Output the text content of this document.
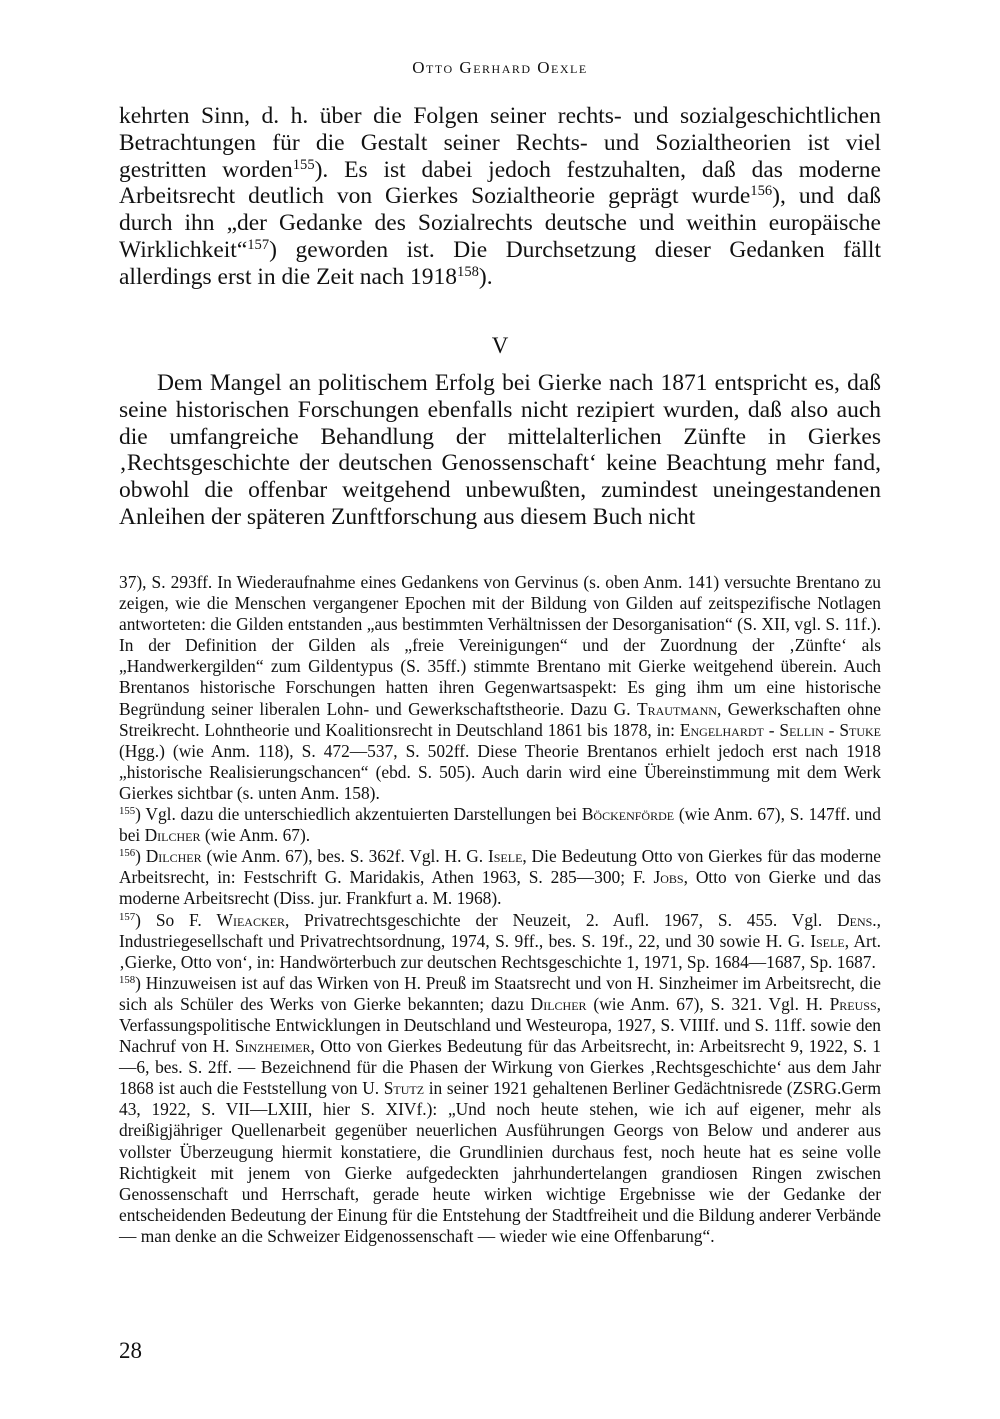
Otto Gerhard Oexle
kehrten Sinn, d. h. über die Folgen seiner rechts- und sozialgeschichtlichen Betrachtungen für die Gestalt seiner Rechts- und Sozialtheorien ist viel gestritten worden$^{155}$). Es ist dabei jedoch festzuhalten, daß das moderne Arbeitsrecht deutlich von Gierkes Sozialtheorie geprägt wurde$^{156}$), und daß durch ihn „der Gedanke des Sozialrechts deutsche und weithin europäische Wirklichkeit“$^{157}$) geworden ist. Die Durchsetzung dieser Gedanken fällt allerdings erst in die Zeit nach 1918$^{158}$).
V
Dem Mangel an politischem Erfolg bei Gierke nach 1871 entspricht es, daß seine historischen Forschungen ebenfalls nicht rezipiert wurden, daß also auch die umfangreiche Behandlung der mittelalterlichen Zünfte in Gierkes ‚Rechtsgeschichte der deutschen Genossenschaft‘ keine Beachtung mehr fand, obwohl die offenbar weitgehend unbewußten, zumindest uneingestandenen Anleihen der späteren Zunftforschung aus diesem Buch nicht

37), S. 293ff. In Wiederaufnahme eines Gedankens von Gervinus (s. oben Anm. 141) versuchte Brentano zu zeigen, wie die Menschen vergangener Epochen mit der Bildung von Gilden auf zeitspezifische Notlagen antworteten: die Gilden entstanden „aus bestimmten Verhältnissen der Desorganisation“ (S. XII, vgl. S. 11f.). In der Definition der Gilden als „freie Vereinigungen“ und der Zuordnung der ‚Zünfte‘ als „Handwerkergilden“ zum Gildentypus (S. 35ff.) stimmte Brentano mit Gierke weitgehend überein. Auch Brentanos historische Forschungen hatten ihren Gegenwartsaspekt: Es ging ihm um eine historische Begründung seiner liberalen Lohn- und Gewerkschaftstheorie. Dazu G. Trautmann, Gewerkschaften ohne Streikrecht. Lohntheorie und Koalitionsrecht in Deutschland 1861 bis 1878, in: Engelhardt - Sellin - Stuke (Hgg.) (wie Anm. 118), S. 472—537, S. 502ff. Diese Theorie Brentanos erhielt jedoch erst nach 1918 „historische Realisierungschancen“ (ebd. S. 505). Auch darin wird eine Übereinstimmung mit dem Werk Gierkes sichtbar (s. unten Anm. 158).

$^{155}$) Vgl. dazu die unterschiedlich akzentuierten Darstellungen bei Böckenförde (wie Anm. 67), S. 147ff. und bei Dilcher (wie Anm. 67).

$^{156}$) Dilcher (wie Anm. 67), bes. S. 362f. Vgl. H. G. Isele, Die Bedeutung Otto von Gierkes für das moderne Arbeitsrecht, in: Festschrift G. Maridakis, Athen 1963, S. 285—300; F. Jobs, Otto von Gierke und das moderne Arbeitsrecht (Diss. jur. Frankfurt a. M. 1968).

$^{157}$) So F. Wieacker, Privatrechtsgeschichte der Neuzeit, 2. Aufl. 1967, S. 455. Vgl. Dens., Industriegesellschaft und Privatrechtsordnung, 1974, S. 9ff., bes. S. 19f., 22, und 30 sowie H. G. Isele, Art. ‚Gierke, Otto von‘, in: Handwörterbuch zur deutschen Rechtsgeschichte 1, 1971, Sp. 1684—1687, Sp. 1687.

$^{158}$) Hinzuweisen ist auf das Wirken von H. Preuß im Staatsrecht und von H. Sinzheimer im Arbeitsrecht, die sich als Schüler des Werks von Gierke bekannten; dazu Dilcher (wie Anm. 67), S. 321. Vgl. H. Preuss, Verfassungspolitische Entwicklungen in Deutschland und Westeuropa, 1927, S. VIIIf. und S. 11ff. sowie den Nachruf von H. Sinzheimer, Otto von Gierkes Bedeutung für das Arbeitsrecht, in: Arbeitsrecht 9, 1922, S. 1—6, bes. S. 2ff. — Bezeichnend für die Phasen der Wirkung von Gierkes ‚Rechtsgeschichte‘ aus dem Jahr 1868 ist auch die Feststellung von U. Stutz in seiner 1921 gehaltenen Berliner Gedächtnisrede (ZSRG.Germ 43, 1922, S. VII—LXIII, hier S. XIVf.): „Und noch heute stehen, wie ich auf eigener, mehr als dreißigjähriger Quellenarbeit gegenüber neuerlichen Ausführungen Georgs von Below und anderer aus vollster Überzeugung hiermit konstatiere, die Grundlinien durchaus fest, noch heute hat es seine volle Richtigkeit mit jenem von Gierke aufgedeckten jahrhundertelangen grandiosen Ringen zwischen Genossenschaft und Herrschaft, gerade heute wirken wichtige Ergebnisse wie der Gedanke der entscheidenden Bedeutung der Einung für die Entstehung der Stadtfreiheit und die Bildung anderer Verbände — man denke an die Schweizer Eidgenossenschaft — wieder wie eine Offenbarung“.

28
